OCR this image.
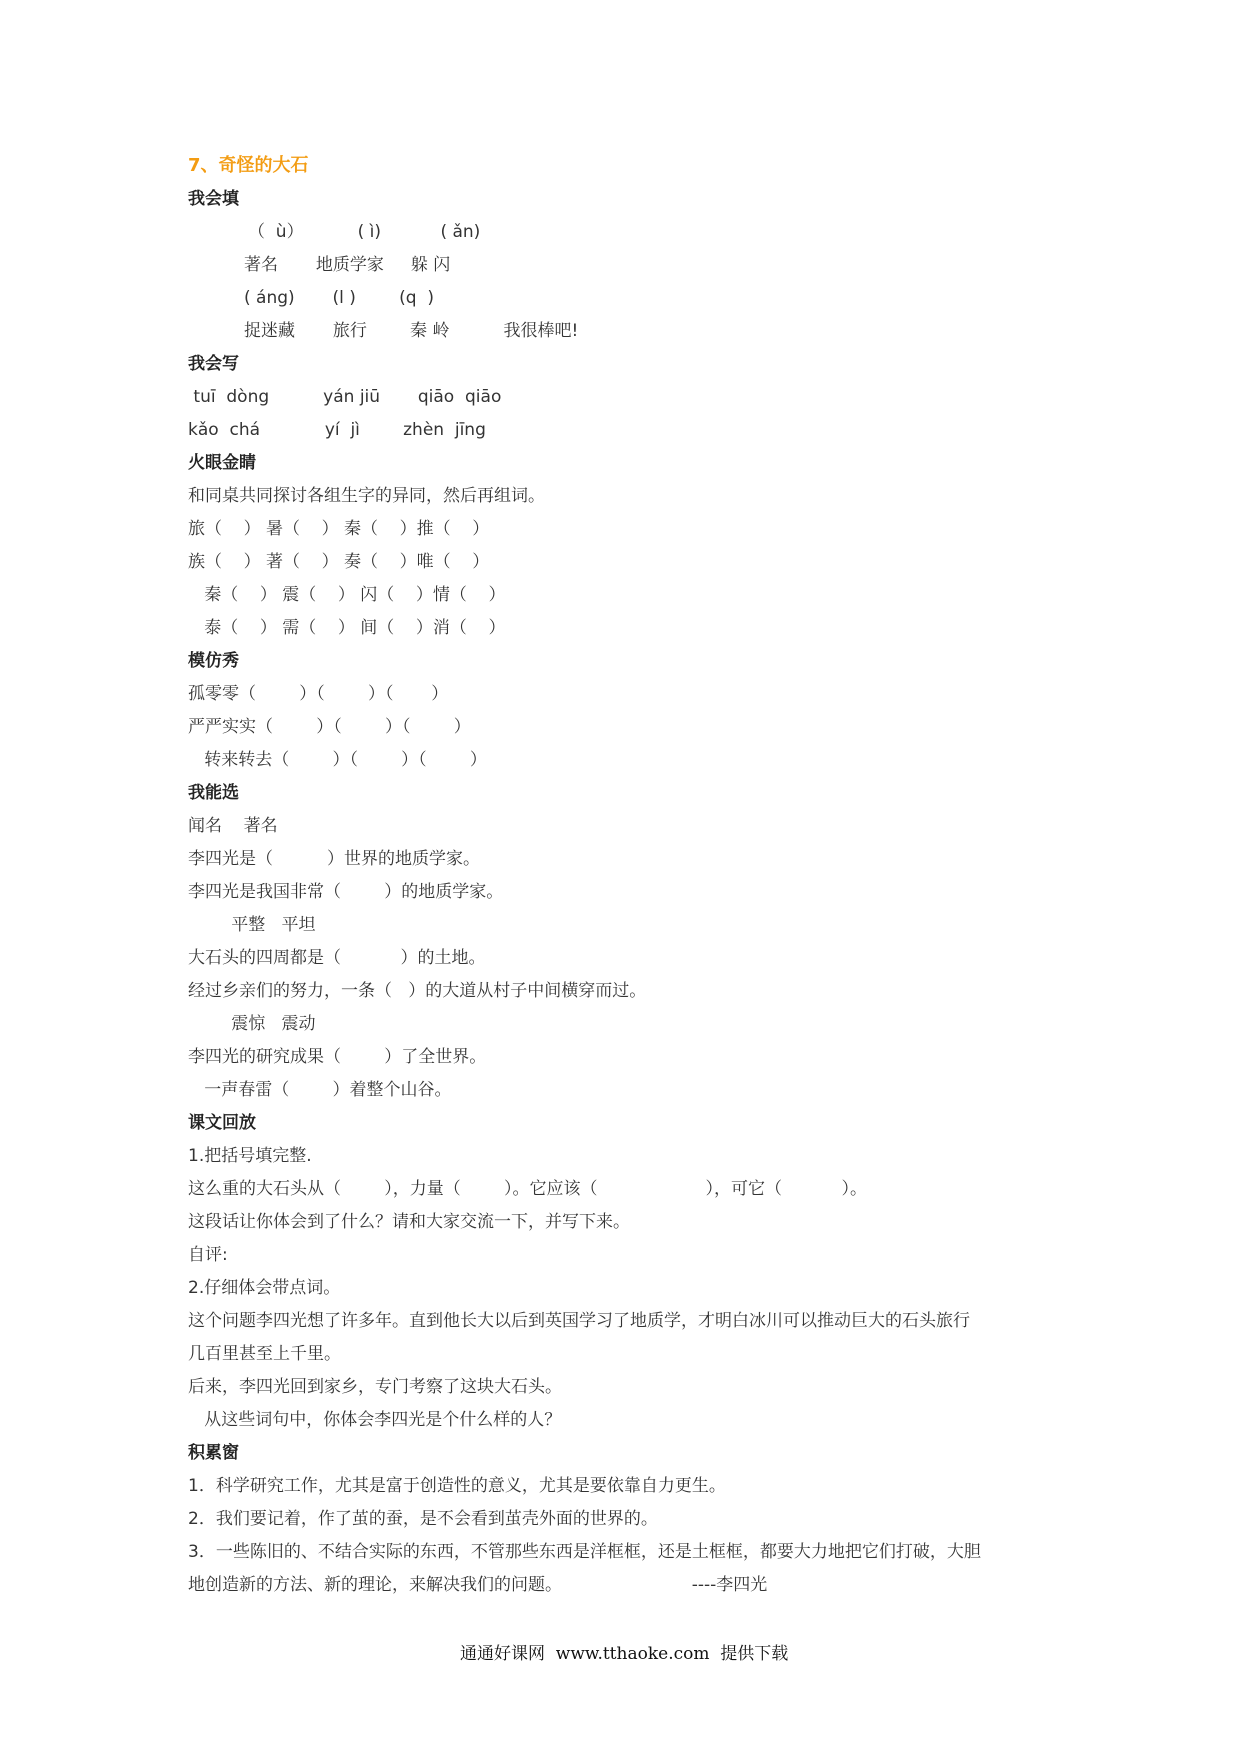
7、奇怪的大石
我会填
（  ù）          ( ì)           ( ǎn)
著名       地质学家     躲 闪
( áng)       (l )        (q  )
捉迷藏       旅行        秦 岭          我很棒吧!
我会写
tuī  dòng          yán jiū       qiāo  qiāo
kǎo  chá            yí  jì        zhèn  jīng
火眼金睛
和同桌共同探讨各组生字的异同，然后再组词。
旅（    ） 暑（    ） 秦（    ）推（    ）
族（    ） 著（    ） 奏（    ）唯（    ）
秦（    ） 震（    ） 闪（    ）情（    ）
泰（    ） 需（    ） 间（    ）消（    ）
模仿秀
孤零零（        ）（        ）（       ）
严严实实（        ）（        ）（        ）
转来转去（        ）（        ）（        ）
我能选
闻名    著名
李四光是（          ）世界的地质学家。
李四光是我国非常（        ）的地质学家。
平整   平坦
大石头的四周都是（           ）的土地。
经过乡亲们的努力，一条（   ）的大道从村子中间横穿而过。
震惊   震动
李四光的研究成果（        ）了全世界。
一声春雷（        ）着整个山谷。
课文回放
1.把括号填完整.
这么重的大石头从（        ），力量（        ）。它应该（                    ），可它（           ）。
这段话让你体会到了什么？请和大家交流一下，并写下来。
自评:
2.仔细体会带点词。
这个问题李四光想了许多年。直到他长大以后到英国学习了地质学，才明白冰川可以推动巨大的石头旅行
几百里甚至上千里。
后来，李四光回到家乡，专门考察了这块大石头。
从这些词句中，你体会李四光是个什么样的人？
积累窗
1．科学研究工作，尤其是富于创造性的意义，尤其是要依靠自力更生。
2．我们要记着，作了茧的蚕，是不会看到茧壳外面的世界的。
3．一些陈旧的、不结合实际的东西，不管那些东西是洋框框，还是土框框，都要大力地把它们打破，大胆
地创造新的方法、新的理论，来解决我们的问题。                        ----李四光
通通好课网  www.tthaoke.com  提供下载
